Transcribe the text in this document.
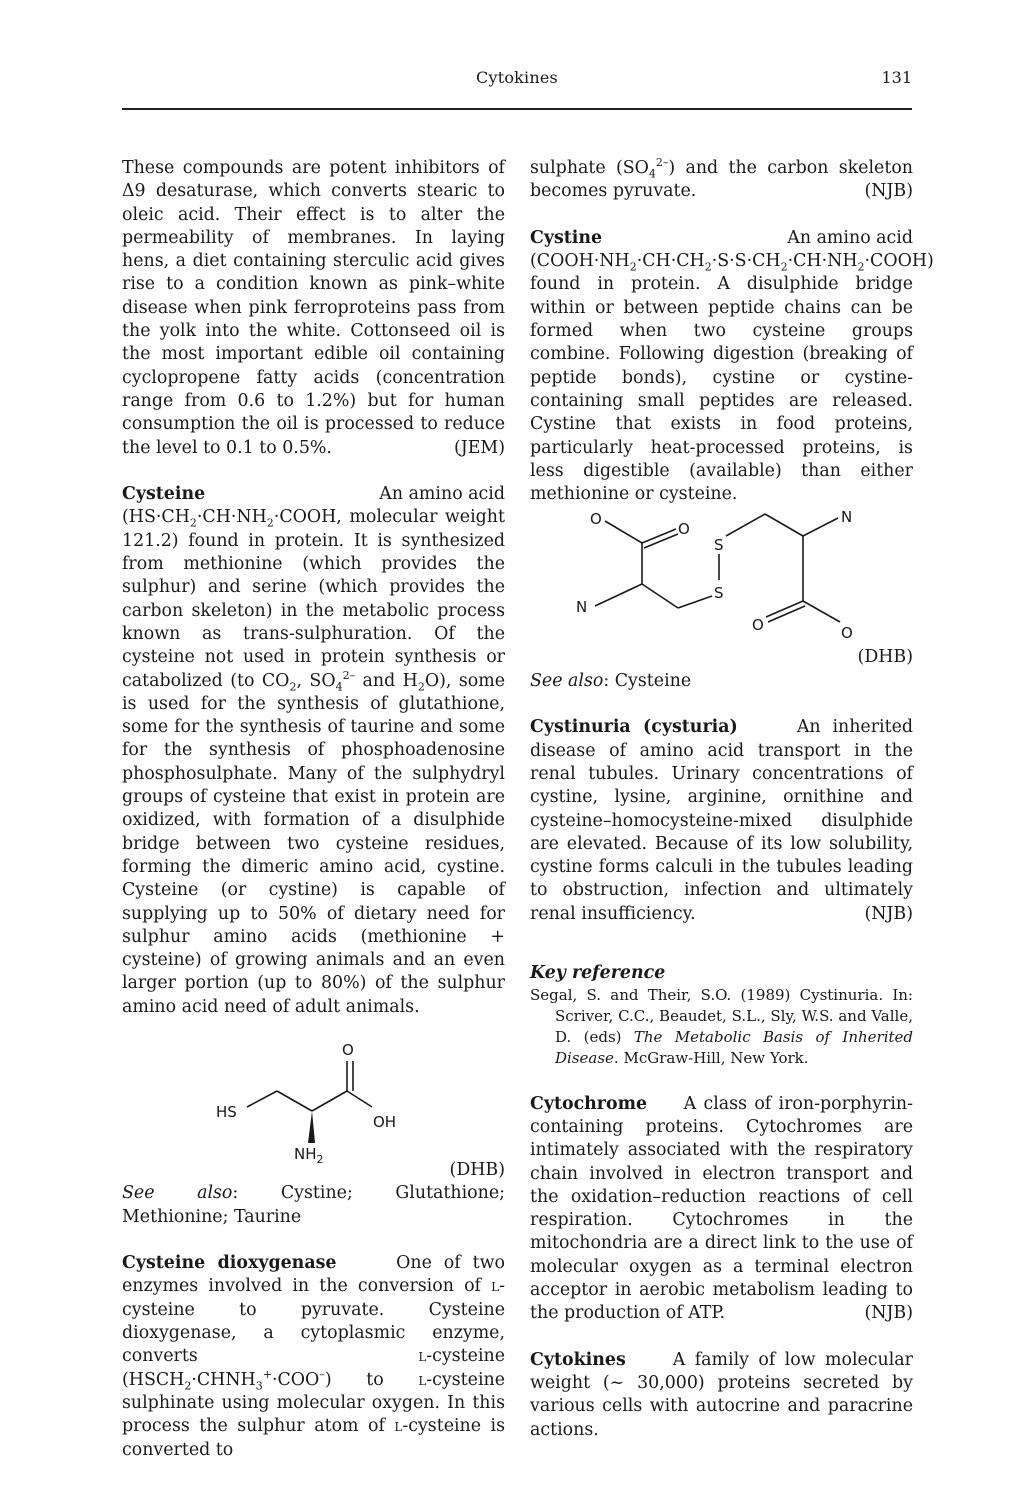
Cytokines	131

These compounds are potent inhibitors of Δ9 desaturase, which converts stearic to oleic acid. Their effect is to alter the permeability of membranes. In laying hens, a diet containing sterculic acid gives rise to a condition known as pink–white disease when pink ferroproteins pass from the yolk into the white. Cottonseed oil is the most important edible oil containing cyclopropene fatty acids (concentration range from 0.6 to 1.2%) but for human consumption the oil is processed to reduce the level to 0.1 to 0.5%.	(JEM)

An amino acid
Cysteine
($HS\cdot CH_2\cdot CH\cdot NH_2\cdot COOH$, molecular weight 121.2) found in protein. It is synthesized from methionine (which provides the sulphur) and serine (which provides the carbon skeleton) in the metabolic process known as trans-sulphuration. Of the cysteine not used in protein synthesis or catabolized (to $CO_2$, $SO_4^{2-}$ and $H_2O$), some is used for the synthesis of glutathione, some for the synthesis of taurine and some for the synthesis of phosphoadenosine phosphosulphate. Many of the sulphydryl groups of cysteine that exist in protein are oxidized, with formation of a disulphide bridge between two cysteine residues, forming the dimeric amino acid, cystine. Cysteine (or cystine) is capable of supplying up to 50% of dietary need for sulphur amino acids (methionine + cysteine) of growing animals and an even larger portion (up to 80%) of the sulphur amino acid need of adult animals.

O
HS
OH
$NH_2$

(DHB)

See also: Cystine; Glutathione; Methionine; Taurine

Cysteine dioxygenase	One of two enzymes involved in the conversion of l-cysteine to pyruvate. Cysteine dioxygenase, a cytoplasmic enzyme, converts l-cysteine $(HSCH_2\cdot CHNH_3^+\cdot COO^-)$ to l-cysteine sulphinate using molecular oxygen. In this process the sulphur atom of l-cysteine is converted to

sulphate $(SO_4^{2-})$ and the carbon skeleton becomes pyruvate.	(NJB)

An amino acid
Cystine
$(COOH\cdot NH_2\cdot CH\cdot CH_2\cdot S\cdot S\cdot CH_2\cdot CH\cdot NH_2\cdot COOH)$ found in protein. A disulphide bridge within or between peptide chains can be formed when two cysteine groups combine. Following digestion (breaking of peptide bonds), cystine or cystine-containing small peptides are released. Cystine that exists in food proteins, particularly heat-processed proteins, is less digestible (available) than either methionine or cysteine.

O
O
S
S
N
N
O	O

(DHB)

See also: Cysteine

Cystinuria (cysturia)	An inherited disease of amino acid transport in the renal tubules. Urinary concentrations of cystine, lysine, arginine, ornithine and cysteine–homocysteine-mixed disulphide are elevated. Because of its low solubility, cystine forms calculi in the tubules leading to obstruction, infection and ultimately renal insufficiency.	(NJB)

Key reference

Segal, S. and Their, S.O. (1989) Cystinuria. In: Scriver, C.C., Beaudet, S.L., Sly, W.S. and Valle, D. (eds) The Metabolic Basis of Inherited Disease. McGraw-Hill, New York.

Cytochrome A class of iron-porphyrin-containing proteins. Cytochromes are intimately associated with the respiratory chain involved in electron transport and the oxidation–reduction reactions of cell respiration. Cytochromes in the mitochondria are a direct link to the use of molecular oxygen as a terminal electron acceptor in aerobic metabolism leading to the production of ATP.	(NJB)

Cytokines	A family of low molecular weight (~ 30,000) proteins secreted by various cells with autocrine and paracrine actions.
